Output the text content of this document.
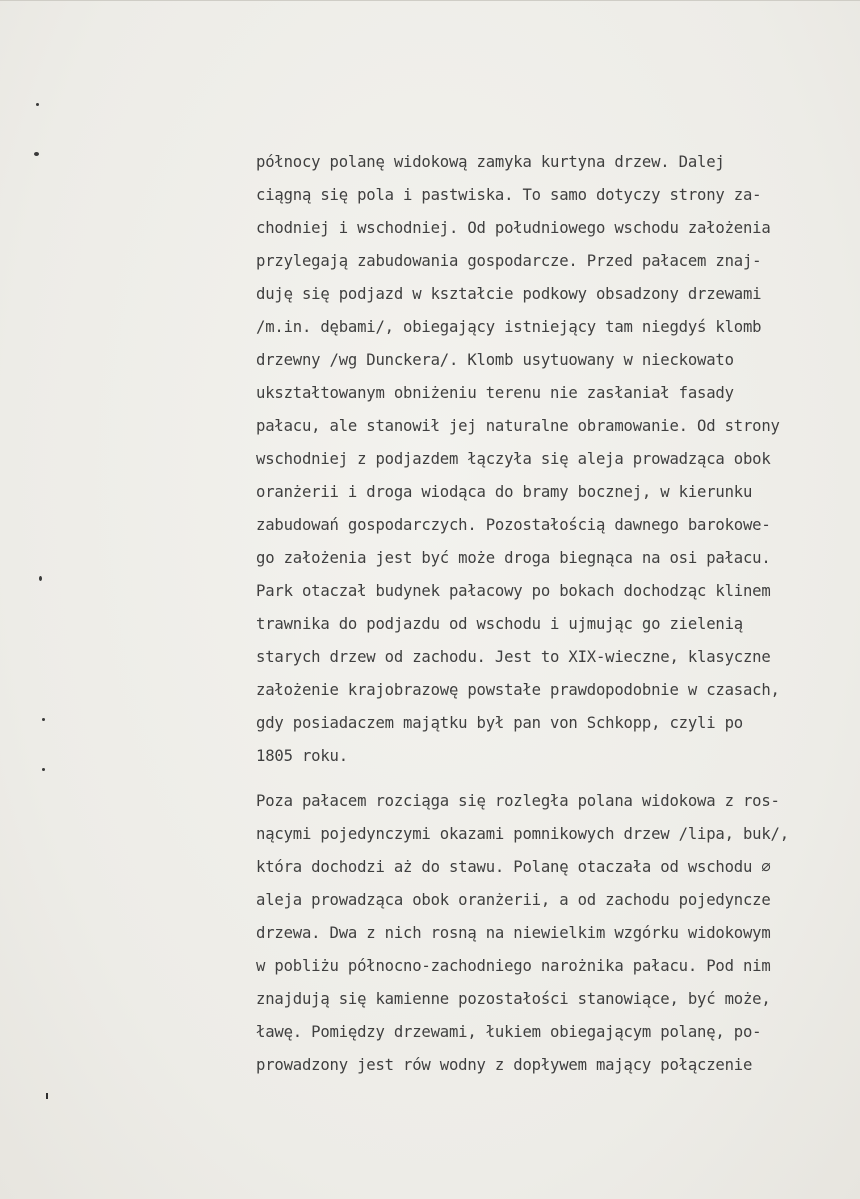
północy polanę widokową zamyka kurtyna drzew. Dalej
ciągną się pola i pastwiska. To samo dotyczy strony za-
chodniej i wschodniej. Od południowego wschodu założenia
przylegają zabudowania gospodarcze. Przed pałacem znaj-
duję się podjazd w kształcie podkowy obsadzony drzewami
/m.in. dębami/, obiegający istniejący tam niegdyś klomb
drzewny /wg Dunckera/. Klomb usytuowany w nieckowato
ukształtowanym obniżeniu terenu nie zasłaniał fasady
pałacu, ale stanowił jej naturalne obramowanie. Od strony
wschodniej z podjazdem łączyła się aleja prowadząca obok
oranżerii i droga wiodąca do bramy bocznej, w kierunku
zabudowań gospodarczych. Pozostałością dawnego barokowe-
go założenia jest być może droga biegnąca na osi pałacu.
Park otaczał budynek pałacowy po bokach dochodząc klinem
trawnika do podjazdu od wschodu i ujmując go zielenią
starych drzew od zachodu. Jest to XIX-wieczne, klasyczne
założenie krajobrazowę powstałe prawdopodobnie w czasach,
gdy posiadaczem majątku był pan von Schkopp, czyli po
1805 roku.
Poza pałacem rozciąga się rozległa polana widokowa z ros-
nącymi pojedynczymi okazami pomnikowych drzew /lipa, buk/,
która dochodzi aż do stawu. Polanę otaczała od wschodu ⌀
aleja prowadząca obok oranżerii, a od zachodu pojedyncze
drzewa. Dwa z nich rosną na niewielkim wzgórku widokowym
w pobliżu północno-zachodniego narożnika pałacu. Pod nim
znajdują się kamienne pozostałości stanowiące, być może,
ławę. Pomiędzy drzewami, łukiem obiegającym polanę, po-
prowadzony jest rów wodny z dopływem mający połączenie
